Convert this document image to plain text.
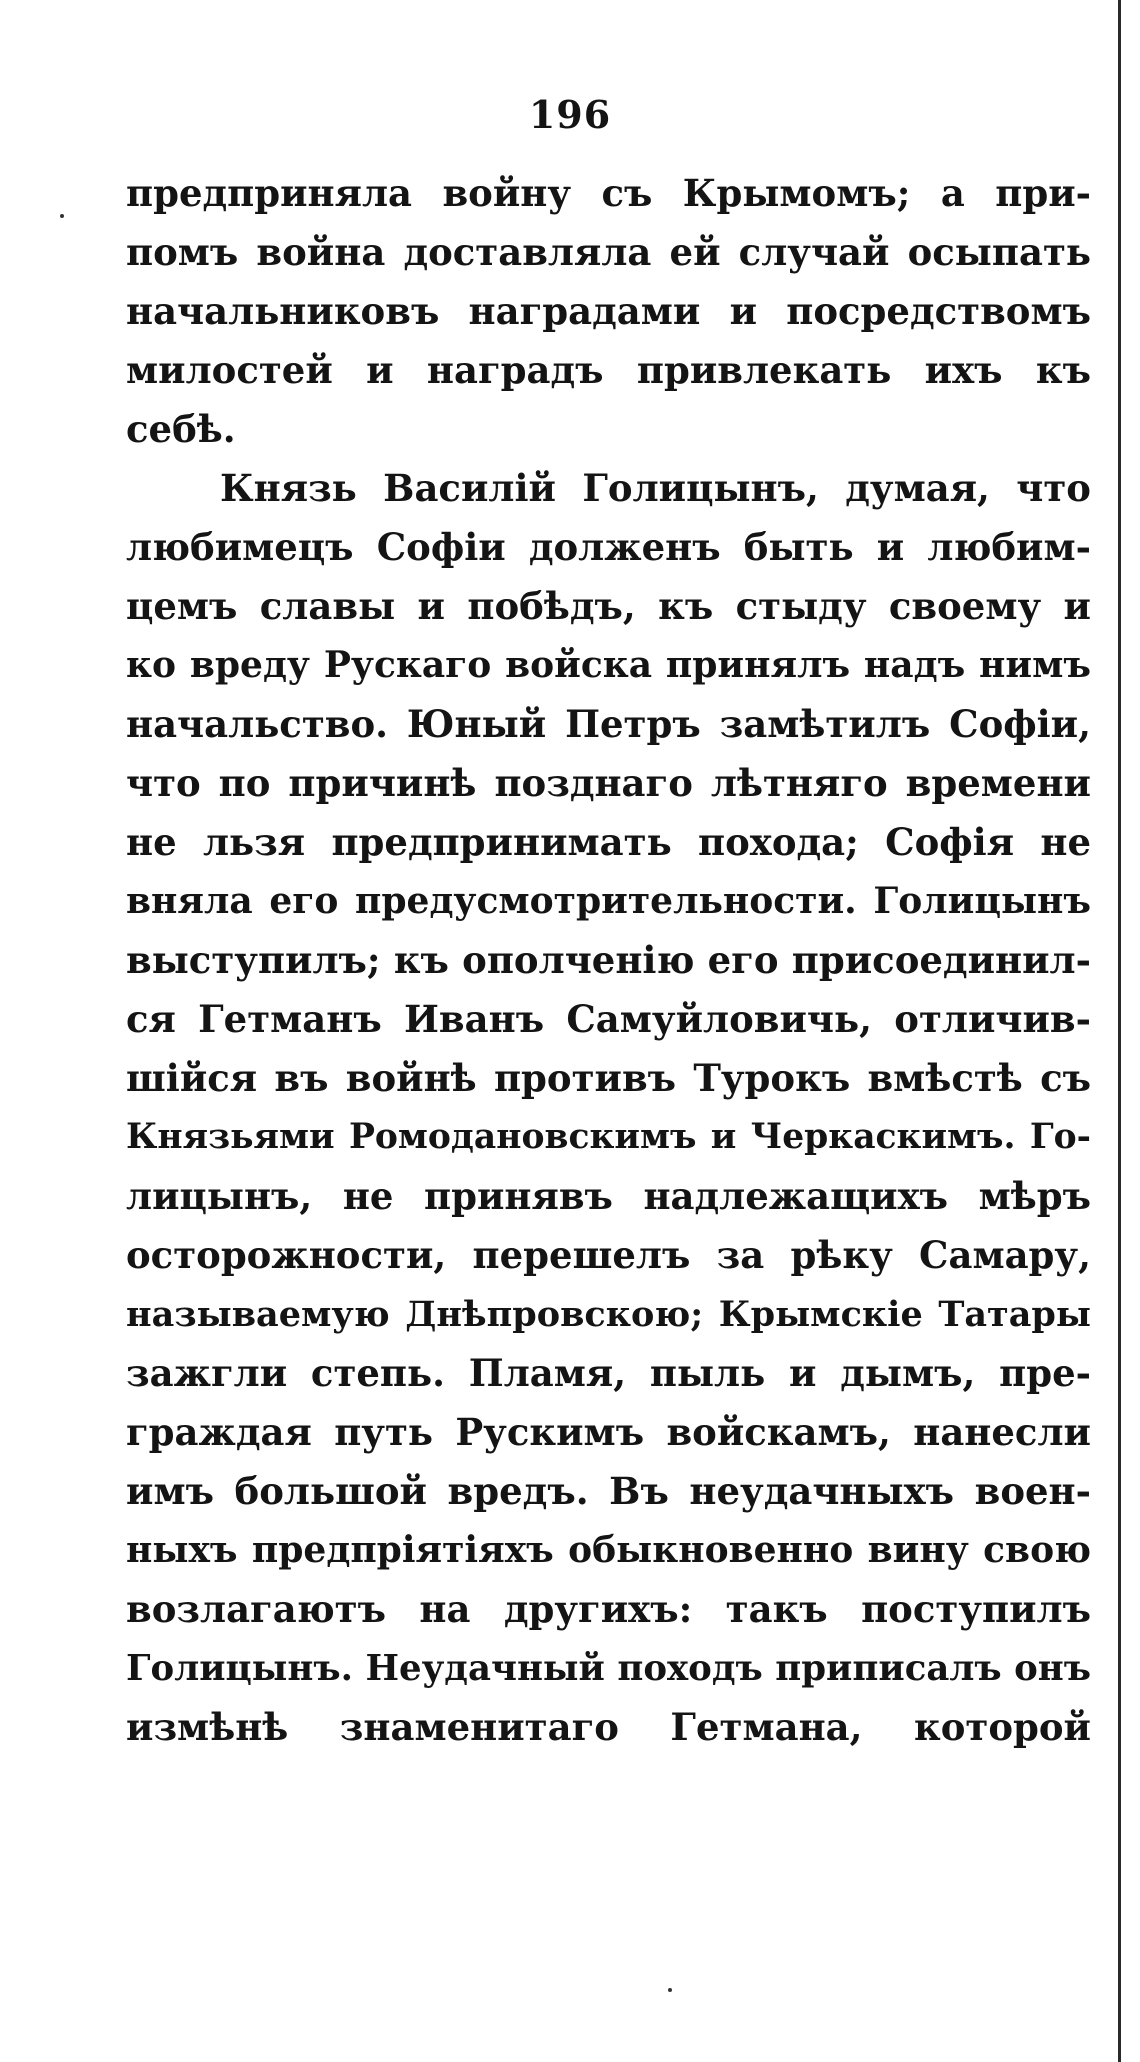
196
предприняла войну съ Крымомъ; а при-
помъ война доставляла ей случай осыпать
начальниковъ наградами и посредствомъ
милостей и наградъ привлекать ихъ къ
себѣ.
Князь Василій Голицынъ, думая, что
любимецъ Софіи долженъ быть и любим-
цемъ славы и побѣдъ, къ стыду своему и
ко вреду Рускаго войска принялъ надъ нимъ
начальство. Юный Петръ замѣтилъ Софіи,
что по причинѣ позднаго лѣтняго времени
не льзя предпринимать похода; Софія не
вняла его предусмотрительности. Голицынъ
выступилъ; къ ополченію его присоединил-
ся Гетманъ Иванъ Самуйловичь, отличив-
шійся въ войнѣ противъ Турокъ вмѣстѣ съ
Князьями Ромодановскимъ и Черкаскимъ. Го-
лицынъ, не принявъ надлежащихъ мѣръ
осторожности, перешелъ за рѣку Самару,
называемую Днѣпровскою; Крымскіе Татары
зажгли степь. Пламя, пыль и дымъ, пре-
граждая путь Рускимъ войскамъ, нанесли
имъ большой вредъ. Въ неудачныхъ воен-
ныхъ предпріятіяхъ обыкновенно вину свою
возлагаютъ на другихъ: такъ поступилъ
Голицынъ. Неудачный походъ приписалъ онъ
измѣнѣ знаменитаго Гетмана, которой
